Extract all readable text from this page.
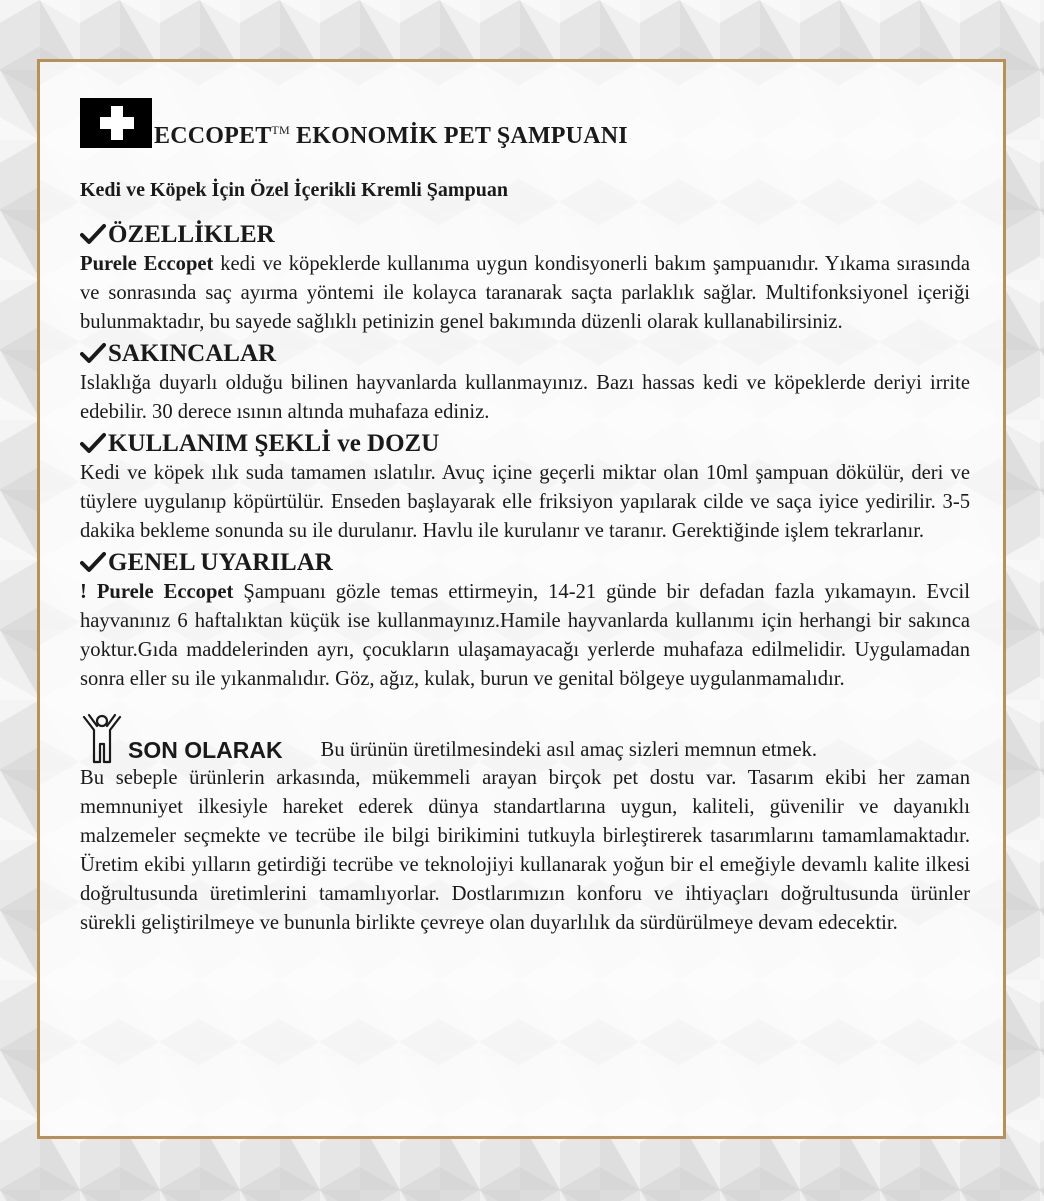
ECCOPET™ EKONOMİK PET ŞAMPUANI
Kedi ve Köpek İçin Özel İçerikli Kremli Şampuan
ÖZELLİKLER

Purele Eccopet kedi ve köpeklerde kullanıma uygun kondisyonerli bakım şampuanıdır. Yıkama sırasında ve sonrasında saç ayırma yöntemi ile kolayca taranarak saçta parlaklık sağlar. Multifonksiyonel içeriği bulunmaktadır, bu sayede sağlıklı petinizin genel bakımında düzenli olarak kullanabilirsiniz.

SAKINCALAR

Islaklığa duyarlı olduğu bilinen hayvanlarda kullanmayınız. Bazı hassas kedi ve köpeklerde deriyi irrite edebilir. 30 derece ısının altında muhafaza ediniz.

KULLANIM ŞEKLİ ve DOZU

Kedi ve köpek ılık suda tamamen ıslatılır. Avuç içine geçerli miktar olan 10ml şampuan dökülür, deri ve tüylere uygulanıp köpürtülür. Enseden başlayarak elle friksiyon yapılarak cilde ve saça iyice yedirilir. 3-5 dakika bekleme sonunda su ile durulanır. Havlu ile kurulanır ve taranır. Gerektiğinde işlem tekrarlanır.

GENEL UYARILAR

! Purele Eccopet Şampuanı gözle temas ettirmeyin, 14-21 günde bir defadan fazla yıkamayın. Evcil hayvanınız 6 haftalıktan küçük ise kullanmayınız.Hamile hayvanlarda kullanımı için herhangi bir sakınca yoktur.Gıda maddelerinden ayrı, çocukların ulaşamayacağı yerlerde muhafaza edilmelidir. Uygulamadan sonra eller su ile yıkanmalıdır. Göz, ağız, kulak, burun ve genital bölgeye uygulanmamalıdır.

SON OLARAK Bu ürünün üretilmesindeki asıl amaç sizleri memnun etmek.

Bu sebeple ürünlerin arkasında, mükemmeli arayan birçok pet dostu var. Tasarım ekibi her zaman memnuniyet ilkesiyle hareket ederek dünya standartlarına uygun, kaliteli, güvenilir ve dayanıklı malzemeler seçmekte ve tecrübe ile bilgi birikimini tutkuyla birleştirerek tasarımlarını tamamlamaktadır. Üretim ekibi yılların getirdiği tecrübe ve teknolojiyi kullanarak yoğun bir el emeğiyle devamlı kalite ilkesi doğrultusunda üretimlerini tamamlıyorlar. Dostlarımızın konforu ve ihtiyaçları doğrultusunda ürünler sürekli geliştirilmeye ve bununla birlikte çevreye olan duyarlılık da sürdürülmeye devam edecektir.
